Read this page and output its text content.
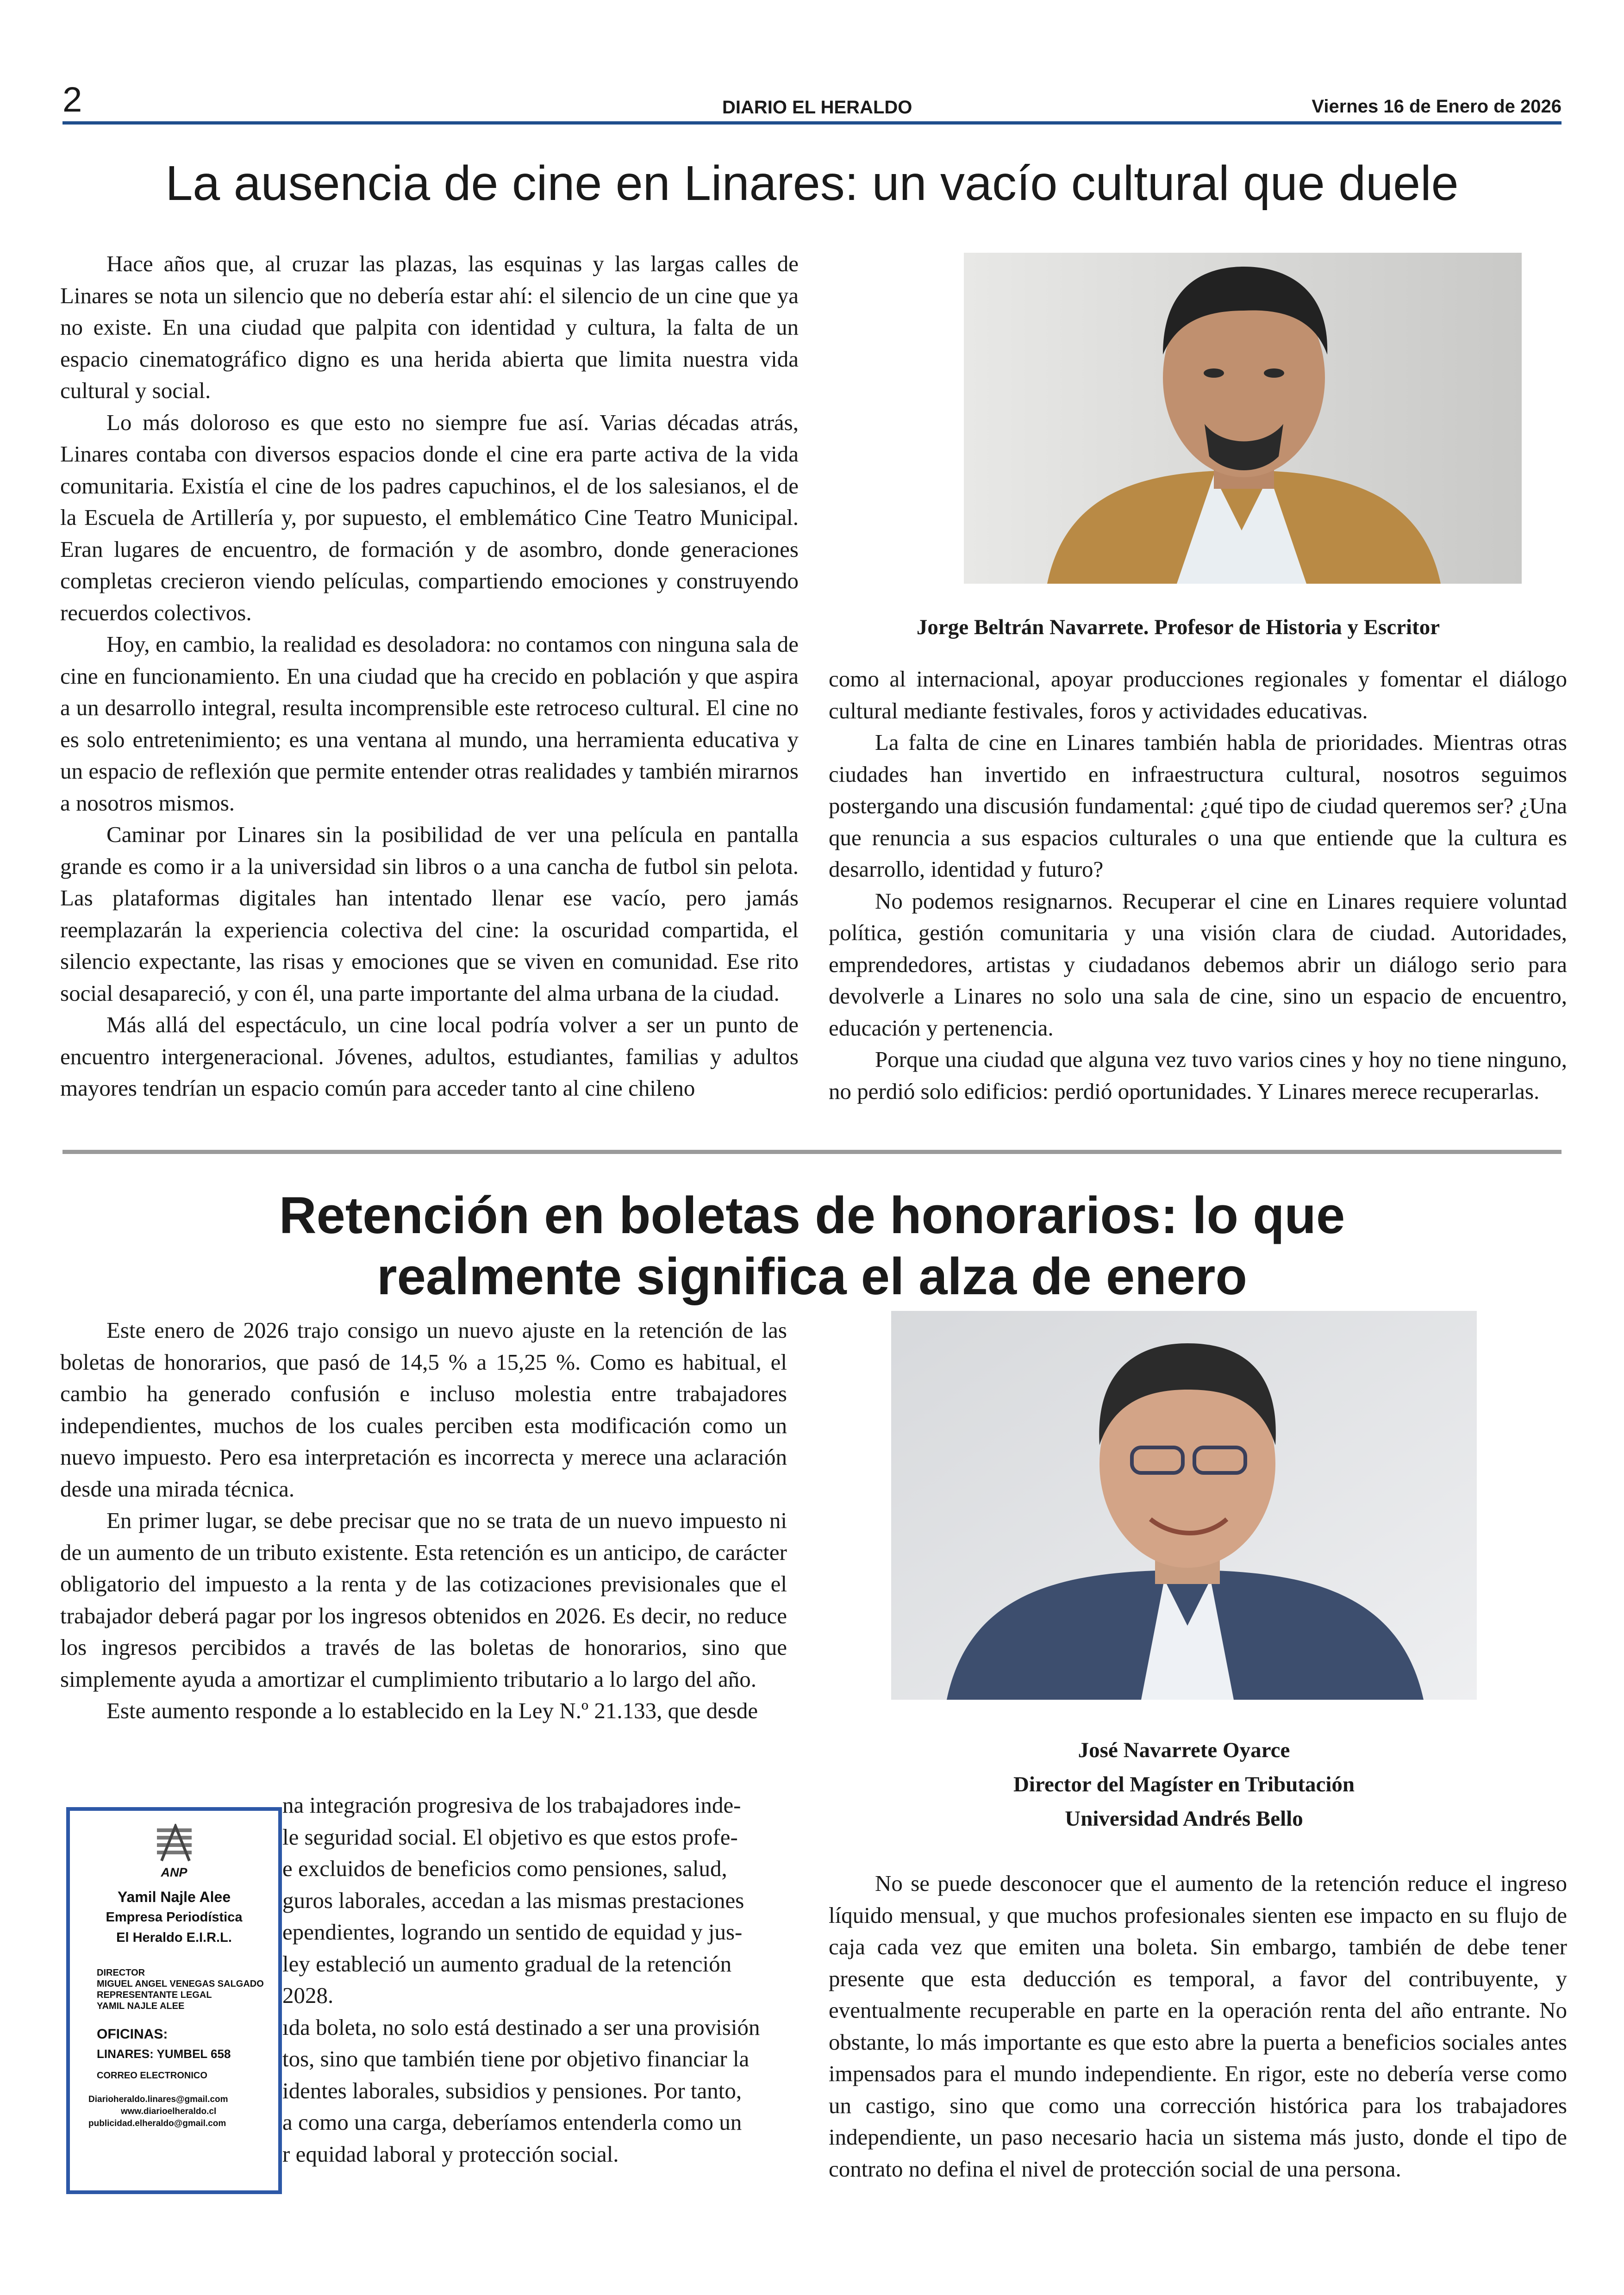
2	DIARIO EL HERALDO	Viernes 16 de Enero de 2026
La ausencia de cine en Linares: un vacío cultural que duele

Hace años que, al cruzar las plazas, las esquinas y las largas calles de Linares se nota un silencio que no debería estar ahí: el silencio de un cine que ya no existe. En una ciudad que palpita con identidad y cultura, la falta de un espacio cinematográfico digno es una herida abierta que limita nuestra vida cultural y social.

Lo más doloroso es que esto no siempre fue así. Varias décadas atrás, Linares contaba con diversos espacios donde el cine era parte activa de la vida comunitaria. Existía el cine de los padres capuchinos, el de los salesianos, el de la Escuela de Artillería y, por supuesto, el emblemático Cine Teatro Municipal. Eran lugares de encuentro, de formación y de asombro, donde generaciones completas crecieron viendo películas, compartiendo emociones y construyendo recuerdos colectivos.

Hoy, en cambio, la realidad es desoladora: no contamos con ninguna sala de cine en funcionamiento. En una ciudad que ha crecido en población y que aspira a un desarrollo integral, resulta incomprensible este retroceso cultural. El cine no es solo entretenimiento; es una ventana al mundo, una herramienta educativa y un espacio de reflexión que permite entender otras realidades y también mirarnos a nosotros mismos.

Caminar por Linares sin la posibilidad de ver una película en pantalla grande es como ir a la universidad sin libros o a una cancha de futbol sin pelota. Las plataformas digitales han intentado llenar ese vacío, pero jamás reemplazarán la experiencia colectiva del cine: la oscuridad compartida, el silencio expectante, las risas y emociones que se viven en comunidad. Ese rito social desapareció, y con él, una parte importante del alma urbana de la ciudad.

Más allá del espectáculo, un cine local podría volver a ser un punto de encuentro intergeneracional. Jóvenes, adultos, estudiantes, familias y adultos mayores tendrían un espacio común para acceder tanto al cine chileno

Jorge Beltrán Navarrete. Profesor de Historia y Escritor

como al internacional, apoyar producciones regionales y fomentar el diálogo cultural mediante festivales, foros y actividades educativas.

La falta de cine en Linares también habla de prioridades. Mientras otras ciudades han invertido en infraestructura cultural, nosotros seguimos postergando una discusión fundamental: ¿qué tipo de ciudad queremos ser? ¿Una que renuncia a sus espacios culturales o una que entiende que la cultura es desarrollo, identidad y futuro?

No podemos resignarnos. Recuperar el cine en Linares requiere voluntad política, gestión comunitaria y una visión clara de ciudad. Autoridades, emprendedores, artistas y ciudadanos debemos abrir un diálogo serio para devolverle a Linares no solo una sala de cine, sino un espacio de encuentro, educación y pertenencia.

Porque una ciudad que alguna vez tuvo varios cines y hoy no tiene ninguno, no perdió solo edificios: perdió oportunidades. Y Linares merece recuperarlas.

Retención en boletas de honorarios: lo que
realmente significa el alza de enero

Este enero de 2026 trajo consigo un nuevo ajuste en la retención de las boletas de honorarios, que pasó de 14,5 % a 15,25 %. Como es habitual, el cambio ha generado confusión e incluso molestia entre trabajadores independientes, muchos de los cuales perciben esta modificación como un nuevo impuesto. Pero esa interpretación es incorrecta y merece una aclaración desde una mirada técnica.

En primer lugar, se debe precisar que no se trata de un nuevo impuesto ni de un aumento de un tributo existente. Esta retención es un anticipo, de carácter obligatorio del impuesto a la renta y de las cotizaciones previsionales que el trabajador deberá pagar por los ingresos obtenidos en 2026. Es decir, no reduce los ingresos percibidos a través de las boletas de honorarios, sino que simplemente ayuda a amortizar el cumplimiento tributario a lo largo del año.

Este aumento responde a lo establecido en la Ley N.º 21.133, que desde

na integración progresiva de los trabajadores inde-
le seguridad social. El objetivo es que estos profe-
e excluidos de beneficios como pensiones, salud,
guros laborales, accedan a las mismas prestaciones
ependientes, logrando un sentido de equidad y jus-
ley estableció un aumento gradual de la retención
2028.
ıda boleta, no solo está destinado a ser una provisión
tos, sino que también tiene por objetivo financiar la
identes laborales, subsidios y pensiones. Por tanto,
a como una carga, deberíamos entenderla como un
r equidad laboral y protección social.
José Navarrete Oyarce
Director del Magíster en Tributación
Universidad Andrés Bello

No se puede desconocer que el aumento de la retención reduce el ingreso líquido mensual, y que muchos profesionales sienten ese impacto en su flujo de caja cada vez que emiten una boleta. Sin embargo, también de debe tener presente que esta deducción es temporal, a favor del contribuyente, y eventualmente recuperable en parte en la operación renta del año entrante. No obstante, lo más importante es que esto abre la puerta a beneficios sociales antes impensados para el mundo independiente. En rigor, este no debería verse como un castigo, sino que como una corrección histórica para los trabajadores independiente, un paso necesario hacia un sistema más justo, donde el tipo de contrato no defina el nivel de protección social de una persona.

ANP
Yamil Najle Alee
Empresa Periodística
El Heraldo E.I.R.L.
DIRECTOR
MIGUEL ANGEL VENEGAS SALGADO
REPRESENTANTE LEGAL
YAMIL NAJLE ALEE
OFICINAS:
LINARES: YUMBEL 658
CORREO ELECTRONICO
Diarioheraldo.linares@gmail.com
www.diarioelheraldo.cl
publicidad.elheraldo@gmail.com
